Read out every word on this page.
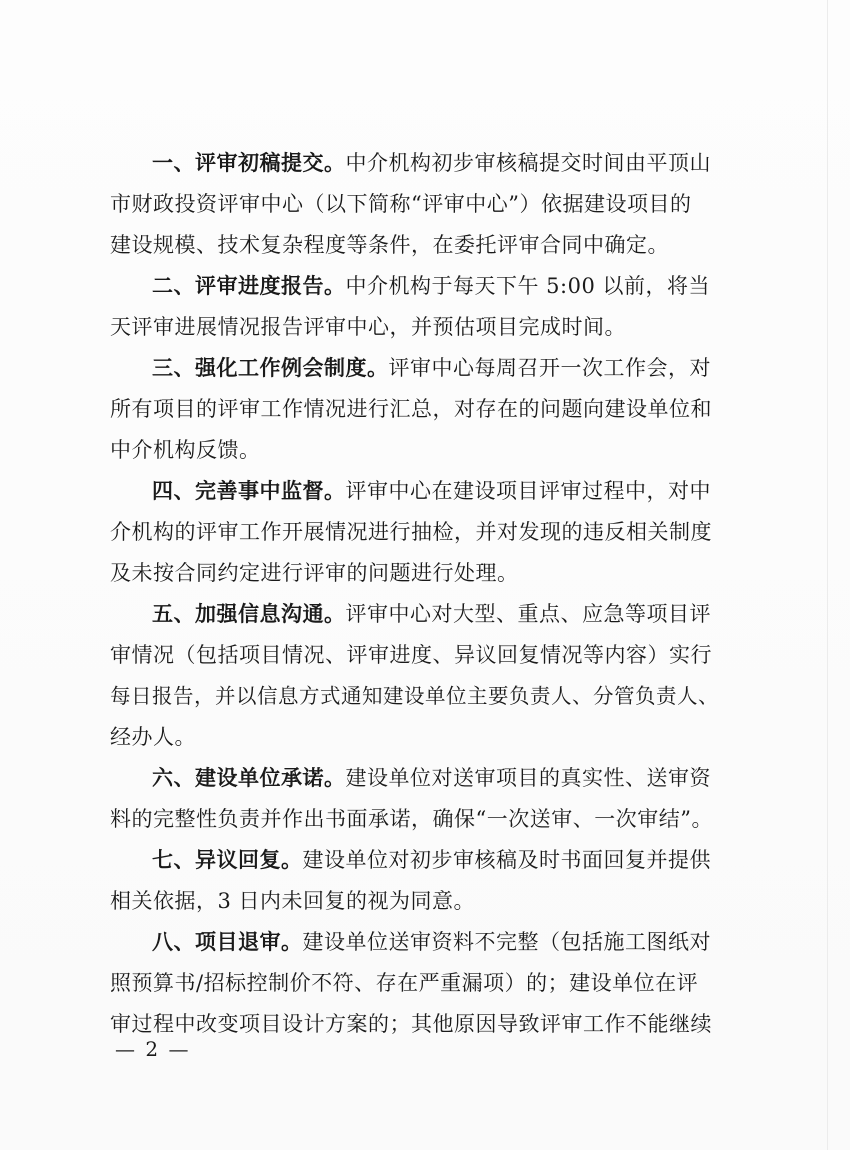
一、评审初稿提交。中介机构初步审核稿提交时间由平顶山
市财政投资评审中心（以下简称“评审中心”）依据建设项目的
建设规模、技术复杂程度等条件，在委托评审合同中确定。
二、评审进度报告。中介机构于每天下午 5:00 以前，将当
天评审进展情况报告评审中心，并预估项目完成时间。
三、强化工作例会制度。评审中心每周召开一次工作会，对
所有项目的评审工作情况进行汇总，对存在的问题向建设单位和
中介机构反馈。
四、完善事中监督。评审中心在建设项目评审过程中，对中
介机构的评审工作开展情况进行抽检，并对发现的违反相关制度
及未按合同约定进行评审的问题进行处理。
五、加强信息沟通。评审中心对大型、重点、应急等项目评
审情况（包括项目情况、评审进度、异议回复情况等内容）实行
每日报告，并以信息方式通知建设单位主要负责人、分管负责人、
经办人。
六、建设单位承诺。建设单位对送审项目的真实性、送审资
料的完整性负责并作出书面承诺，确保“一次送审、一次审结”。
七、异议回复。建设单位对初步审核稿及时书面回复并提供
相关依据，3 日内未回复的视为同意。
八、项目退审。建设单位送审资料不完整（包括施工图纸对
照预算书/招标控制价不符、存在严重漏项）的；建设单位在评
审过程中改变项目设计方案的；其他原因导致评审工作不能继续
— 2 —
